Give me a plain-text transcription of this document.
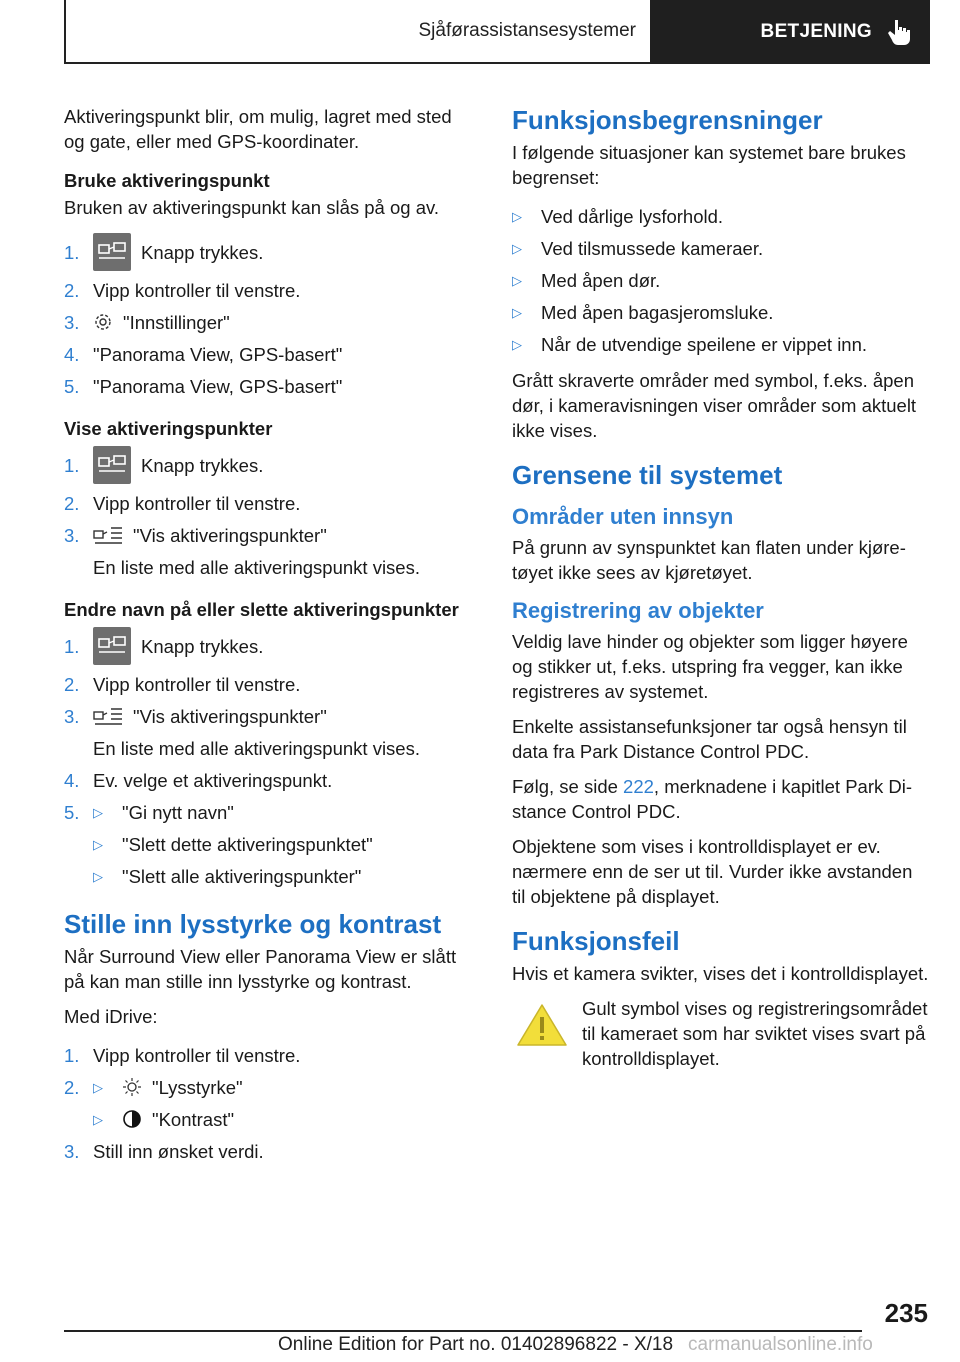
Sjåførassistansesystemer	BETJENING

Aktiveringspunkt blir, om mulig, lagret med sted og gate, eller med GPS-koordinater.

Bruke aktiveringspunkt

Bruken av aktiveringspunkt kan slås på og av.

1.	Knapp trykkes.
2. Vipp kontroller til venstre.
3.	"Innstillinger"
4. "Panorama View, GPS-basert"
5. "Panorama View, GPS-basert"
Vise aktiveringspunkter
1.	Knapp trykkes.
2. Vipp kontroller til venstre.
3.	"Vis aktiveringspunkter"
En liste med alle aktiveringspunkt vises.
Endre navn på eller slette aktiveringspunkter
1.	Knapp trykkes.
2. Vipp kontroller til venstre.
3.	"Vis aktiveringspunkter"
En liste med alle aktiveringspunkt vises.
4. Ev. velge et aktiveringspunkt.
5.	▷	"Gi nytt navn"
▷	"Slett dette aktiveringspunktet"
▷	"Slett alle aktiveringspunkter"
Stille inn lysstyrke og kontrast

Når Surround View eller Panorama View er slått på kan man stille inn lysstyrke og kontrast.

Med iDrive:

1. Vipp kontroller til venstre.
2.	▷	"Lysstyrke"
▷	"Kontrast"
3. Still inn ønsket verdi.
Funksjonsbegrensninger

I følgende situasjoner kan systemet bare brukes begrenset:

▷	Ved dårlige lysforhold.
▷	Ved tilsmussede kameraer.
▷	Med åpen dør.
▷	Med åpen bagasjeromsluke.
▷	Når de utvendige speilene er vippet inn.

Grått skraverte områder med symbol, f.eks. åpen dør, i kameravisningen viser områder som aktuelt ikke vises.

Grensene til systemet
Områder uten innsyn

På grunn av synspunktet kan flaten under kjøretøyet ikke sees av kjøretøyet.

Registrering av objekter

Veldig lave hinder og objekter som ligger høyere og stikker ut, f.eks. utspring fra vegger, kan ikke registreres av systemet.

Enkelte assistansefunksjoner tar også hensyn til data fra Park Distance Control PDC.

Følg, se side 222, merknadene i kapitlet Park Distance Control PDC.

Objektene som vises i kontrolldisplayet er ev. nærmere enn de ser ut til. Vurder ikke avstanden til objektene på displayet.

Funksjonsfeil

Hvis et kamera svikter, vises det i kontrolldisplayet.

Gult symbol vises og registreringsområdet til kameraet som har sviktet vises svart på kontrolldisplayet.
235
Online Edition for Part no. 01402896822 - X/18 carmanualsonline.info
